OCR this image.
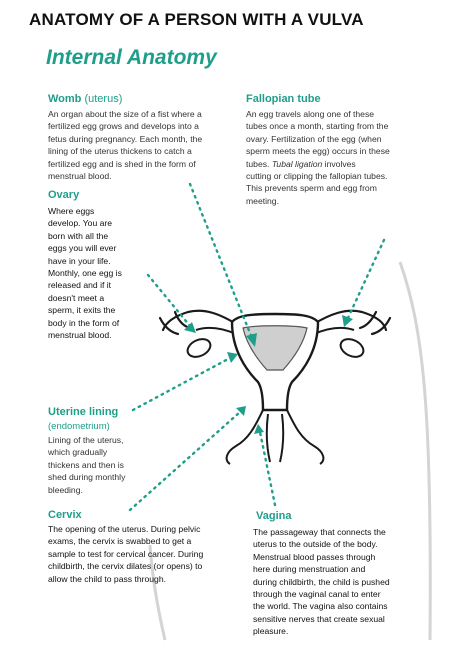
ANATOMY OF A PERSON WITH A VULVA
Internal Anatomy
Womb (uterus)
An organ about the size of a fist where a
fertilized egg grows and develops into a
fetus during pregnancy. Each month, the
lining of the uterus thickens to catch a
fertilized egg and is shed in the form of
menstrual blood.
Fallopian tube
An egg travels along one of these
tubes once a month, starting from the
ovary. Fertilization of the egg (when
sperm meets the egg) occurs in these
tubes. Tubal ligation involves
cutting or clipping the fallopian tubes.
This prevents sperm and egg from
meeting.
Ovary
Where eggs
develop. You are
born with all the
eggs you will ever
have in your life.
Monthly, one egg is
released and if it
doesn't meet a
sperm, it exits the
body in the form of
menstrual blood.
Uterine lining
(endometrium)
Lining of the uterus,
which gradually
thickens and then is
shed during monthly
bleeding.
Cervix
The opening of the uterus. During pelvic
exams, the cervix is swabbed to get a
sample to test for cervical cancer. During
childbirth, the cervix dilates (or opens) to
allow the child to pass through.
Vagina
The passageway that connects the
uterus to the outside of the body.
Menstrual blood passes through
here during menstruation and
during childbirth, the child is pushed
through the vaginal canal to enter
the world. The vagina also contains
sensitive nerves that create sexual
pleasure.
